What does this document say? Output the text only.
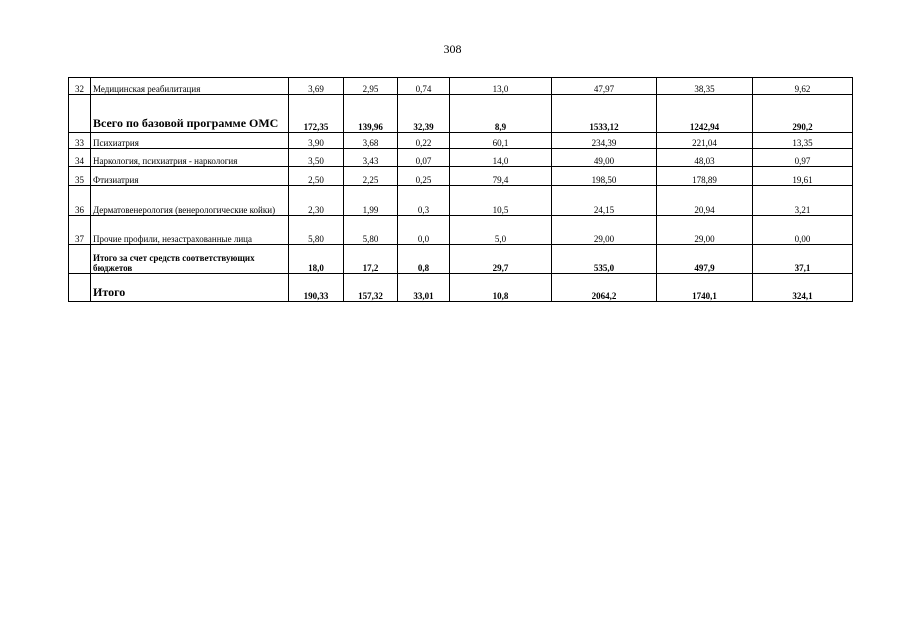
308
32	Медицинская реабилитация	3,69	2,95	0,74	13,0	47,97	38,35	9,62
	Всего по базовой программе ОМС	172,35	139,96	32,39	8,9	1533,12	1242,94	290,2
33	Психиатрия	3,90	3,68	0,22	60,1	234,39	221,04	13,35
34	Наркология, психиатрия - наркология	3,50	3,43	0,07	14,0	49,00	48,03	0,97
35	Фтизиатрия	2,50	2,25	0,25	79,4	198,50	178,89	19,61
36	Дерматовенерология (венерологические койки)	2,30	1,99	0,3	10,5	24,15	20,94	3,21
37	Прочие профили, незастрахованные лица	5,80	5,80	0,0	5,0	29,00	29,00	0,00
	Итого за счет средств соответствующих бюджетов	18,0	17,2	0,8	29,7	535,0	497,9	37,1
	Итого	190,33	157,32	33,01	10,8	2064,2	1740,1	324,1
